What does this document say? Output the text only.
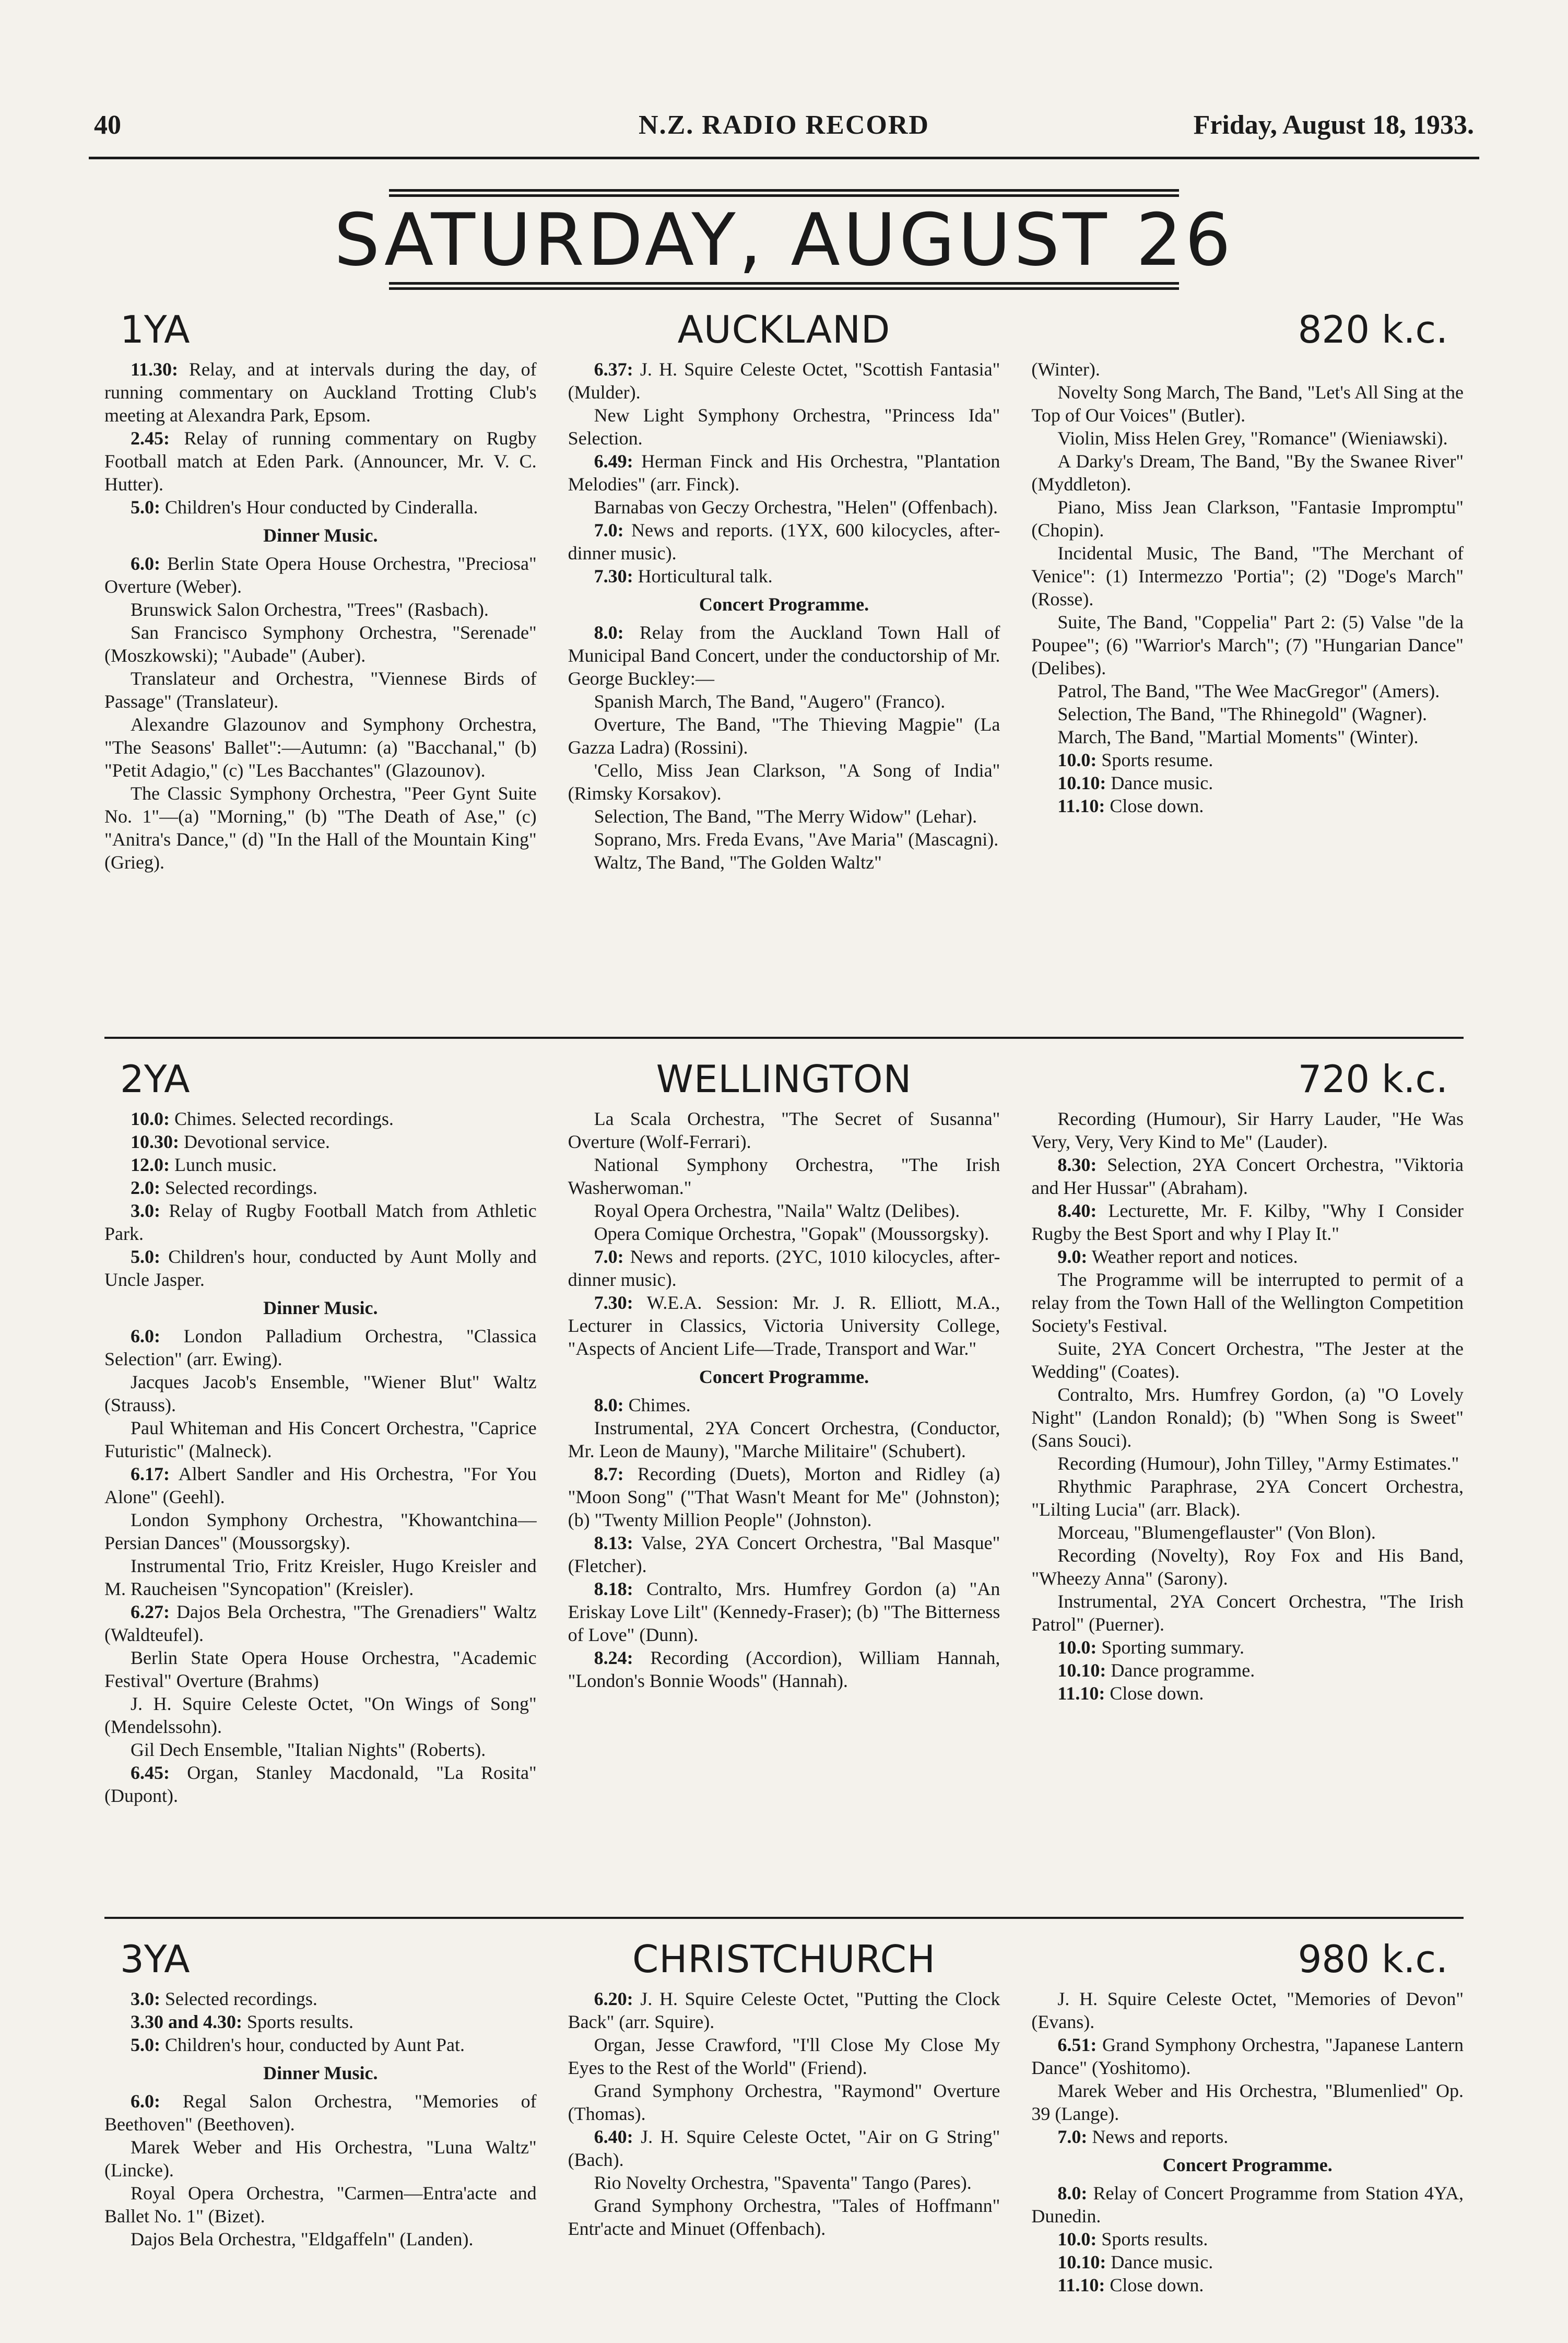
40	N.Z. RADIO RECORD	Friday, August 18, 1933.
SATURDAY, AUGUST 26
1YA	AUCKLAND	820 k.c.

11.30: Relay, and at intervals during the day, of running commentary on Auckland Trotting Club's meeting at Alexandra Park, Epsom.

2.45: Relay of running commentary on Rugby Football match at Eden Park. (Announcer, Mr. V. C. Hutter).

5.0: Children's Hour conducted by Cinderalla.

Dinner Music.

6.0: Berlin State Opera House Orchestra, "Preciosa" Overture (Weber).

Brunswick Salon Orchestra, "Trees" (Rasbach).

San Francisco Symphony Orchestra, "Serenade" (Moszkowski); "Aubade" (Auber).

Translateur and Orchestra, "Viennese Birds of Passage" (Translateur).

Alexandre Glazounov and Symphony Orchestra, "The Seasons' Ballet":—Autumn: (a) "Bacchanal," (b) "Petit Adagio," (c) "Les Bacchantes" (Glazounov).

The Classic Symphony Orchestra, "Peer Gynt Suite No. 1"—(a) "Morning," (b) "The Death of Ase," (c) "Anitra's Dance," (d) "In the Hall of the Mountain King" (Grieg).

6.37: J. H. Squire Celeste Octet, "Scottish Fantasia" (Mulder).

New Light Symphony Orchestra, "Princess Ida" Selection.

6.49: Herman Finck and His Orchestra, "Plantation Melodies" (arr. Finck).

Barnabas von Geczy Orchestra, "Helen" (Offenbach).

7.0: News and reports. (1YX, 600 kilocycles, after-dinner music).

7.30: Horticultural talk.

Concert Programme.

8.0: Relay from the Auckland Town Hall of Municipal Band Concert, under the conductorship of Mr. George Buckley:—

Spanish March, The Band, "Augero" (Franco).

Overture, The Band, "The Thieving Magpie" (La Gazza Ladra) (Rossini).

'Cello, Miss Jean Clarkson, "A Song of India" (Rimsky Korsakov).

Selection, The Band, "The Merry Widow" (Lehar).

Soprano, Mrs. Freda Evans, "Ave Maria" (Mascagni).

Waltz, The Band, "The Golden Waltz"

(Winter).

Novelty Song March, The Band, "Let's All Sing at the Top of Our Voices" (Butler).

Violin, Miss Helen Grey, "Romance" (Wieniawski).

A Darky's Dream, The Band, "By the Swanee River" (Myddleton).

Piano, Miss Jean Clarkson, "Fantasie Impromptu" (Chopin).

Incidental Music, The Band, "The Merchant of Venice": (1) Intermezzo 'Portia"; (2) "Doge's March" (Rosse).

Suite, The Band, "Coppelia" Part 2: (5) Valse "de la Poupee"; (6) "Warrior's March"; (7) "Hungarian Dance" (Delibes).

Patrol, The Band, "The Wee MacGregor" (Amers).

Selection, The Band, "The Rhinegold" (Wagner).

March, The Band, "Martial Moments" (Winter).

10.0: Sports resume.

10.10: Dance music.

11.10: Close down.

2YA	WELLINGTON	720 k.c.

10.0: Chimes. Selected recordings.

10.30: Devotional service.

12.0: Lunch music.

2.0: Selected recordings.

3.0: Relay of Rugby Football Match from Athletic Park.

5.0: Children's hour, conducted by Aunt Molly and Uncle Jasper.

Dinner Music.

6.0: London Palladium Orchestra, "Classica Selection" (arr. Ewing).

Jacques Jacob's Ensemble, "Wiener Blut" Waltz (Strauss).

Paul Whiteman and His Concert Orchestra, "Caprice Futuristic" (Malneck).

6.17: Albert Sandler and His Orchestra, "For You Alone" (Geehl).

London Symphony Orchestra, "Khowantchina—Persian Dances" (Moussorgsky).

Instrumental Trio, Fritz Kreisler, Hugo Kreisler and M. Raucheisen "Syncopation" (Kreisler).

6.27: Dajos Bela Orchestra, "The Grenadiers" Waltz (Waldteufel).

Berlin State Opera House Orchestra, "Academic Festival" Overture (Brahms)

J. H. Squire Celeste Octet, "On Wings of Song" (Mendelssohn).

Gil Dech Ensemble, "Italian Nights" (Roberts).

6.45: Organ, Stanley Macdonald, "La Rosita" (Dupont).

La Scala Orchestra, "The Secret of Susanna" Overture (Wolf-Ferrari).

National Symphony Orchestra, "The Irish Washerwoman."

Royal Opera Orchestra, "Naila" Waltz (Delibes).

Opera Comique Orchestra, "Gopak" (Moussorgsky).

7.0: News and reports. (2YC, 1010 kilocycles, after-dinner music).

7.30: W.E.A. Session: Mr. J. R. Elliott, M.A., Lecturer in Classics, Victoria University College, "Aspects of Ancient Life—Trade, Transport and War."

Concert Programme.

8.0: Chimes.

Instrumental, 2YA Concert Orchestra, (Conductor, Mr. Leon de Mauny), "Marche Militaire" (Schubert).

8.7: Recording (Duets), Morton and Ridley (a) "Moon Song" ("That Wasn't Meant for Me" (Johnston); (b) "Twenty Million People" (Johnston).

8.13: Valse, 2YA Concert Orchestra, "Bal Masque" (Fletcher).

8.18: Contralto, Mrs. Humfrey Gordon (a) "An Eriskay Love Lilt" (Kennedy-Fraser); (b) "The Bitterness of Love" (Dunn).

8.24: Recording (Accordion), William Hannah, "London's Bonnie Woods" (Hannah).

Recording (Humour), Sir Harry Lauder, "He Was Very, Very, Very Kind to Me" (Lauder).

8.30: Selection, 2YA Concert Orchestra, "Viktoria and Her Hussar" (Abraham).

8.40: Lecturette, Mr. F. Kilby, "Why I Consider Rugby the Best Sport and why I Play It."

9.0: Weather report and notices.

The Programme will be interrupted to permit of a relay from the Town Hall of the Wellington Competition Society's Festival.

Suite, 2YA Concert Orchestra, "The Jester at the Wedding" (Coates).

Contralto, Mrs. Humfrey Gordon, (a) "O Lovely Night" (Landon Ronald); (b) "When Song is Sweet" (Sans Souci).

Recording (Humour), John Tilley, "Army Estimates."

Rhythmic Paraphrase, 2YA Concert Orchestra, "Lilting Lucia" (arr. Black).

Morceau, "Blumengeflauster" (Von Blon).

Recording (Novelty), Roy Fox and His Band, "Wheezy Anna" (Sarony).

Instrumental, 2YA Concert Orchestra, "The Irish Patrol" (Puerner).

10.0: Sporting summary.

10.10: Dance programme.

11.10: Close down.

3YA	CHRISTCHURCH	980 k.c.

3.0: Selected recordings.

3.30 and 4.30: Sports results.

5.0: Children's hour, conducted by Aunt Pat.

Dinner Music.

6.0: Regal Salon Orchestra, "Memories of Beethoven" (Beethoven).

Marek Weber and His Orchestra, "Luna Waltz" (Lincke).

Royal Opera Orchestra, "Carmen—Entra'acte and Ballet No. 1" (Bizet).

Dajos Bela Orchestra, "Eldgaffeln" (Landen).

6.20: J. H. Squire Celeste Octet, "Putting the Clock Back" (arr. Squire).

Organ, Jesse Crawford, "I'll Close My Close My Eyes to the Rest of the World" (Friend).

Grand Symphony Orchestra, "Raymond" Overture (Thomas).

6.40: J. H. Squire Celeste Octet, "Air on G String" (Bach).

Rio Novelty Orchestra, "Spaventa" Tango (Pares).

Grand Symphony Orchestra, "Tales of Hoffmann" Entr'acte and Minuet (Offenbach).

J. H. Squire Celeste Octet, "Memories of Devon" (Evans).

6.51: Grand Symphony Orchestra, "Japanese Lantern Dance" (Yoshitomo).

Marek Weber and His Orchestra, "Blumenlied" Op. 39 (Lange).

7.0: News and reports.

Concert Programme.

8.0: Relay of Concert Programme from Station 4YA, Dunedin.

10.0: Sports results.

10.10: Dance music.

11.10: Close down.
